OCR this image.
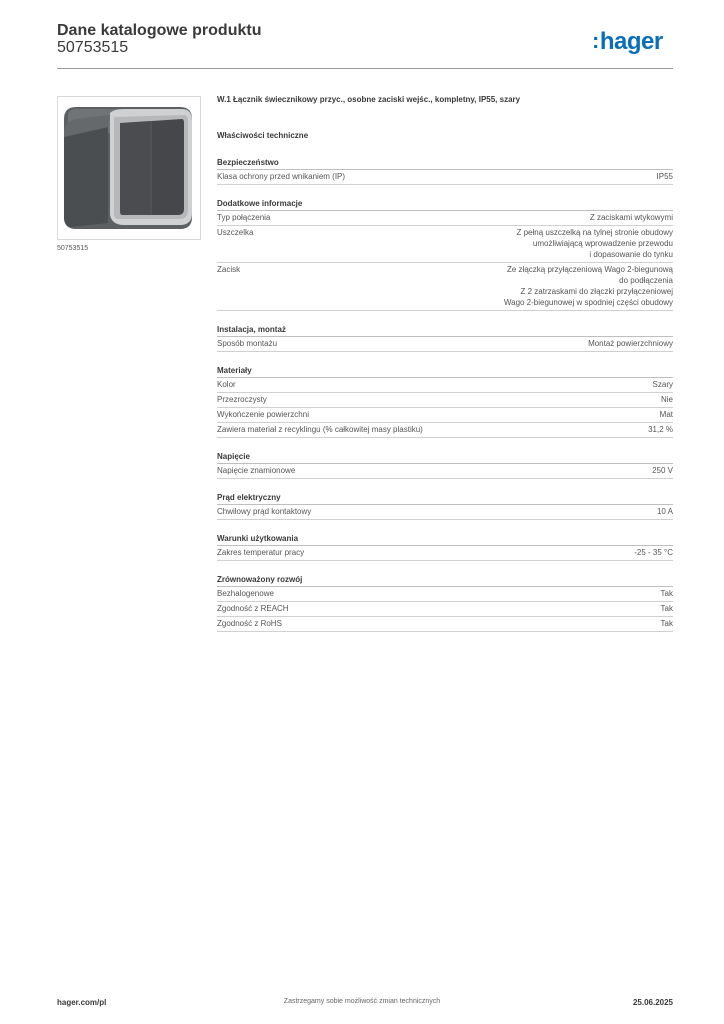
Dane katalogowe produktu
50753515	:hager
50753515

W.1 Łącznik świecznikowy przyc., osobne zaciski wejśc., kompletny, IP55, szary

Właściwości techniczne
Bezpieczeństwo
Klasa ochrony przed wnikaniem (IP)	IP55
Dodatkowe informacje
Typ połączenia	Z zaciskami wtykowymi
Uszczelka	Z pełną uszczelką na tylnej stronie obudowy
umożliwiającą wprowadzenie przewodu
i dopasowanie do tynku
Zacisk	Ze złączką przyłączeniową Wago 2-biegunową
do podłączenia
Z 2 zatrzaskami do złączki przyłączeniowej
Wago 2-biegunowej w spodniej części obudowy
Instalacja, montaż
Sposób montażu	Montaż powierzchniowy
Materiały
Kolor	Szary
Przezroczysty	Nie
Wykończenie powierzchni	Mat
Zawiera materiał z recyklingu (% całkowitej masy plastiku)	31,2 %
Napięcie
Napięcie znamionowe	250 V
Prąd elektryczny
Chwilowy prąd kontaktowy	10 A
Warunki użytkowania
Zakres temperatur pracy	-25 - 35 °C
Zrównoważony rozwój
Bezhalogenowe	Tak
Zgodność z REACH	Tak
Zgodność z RoHS	Tak
hager.com/pl	Zastrzegamy sobie możliwość zmian technicznych	25.06.2025
